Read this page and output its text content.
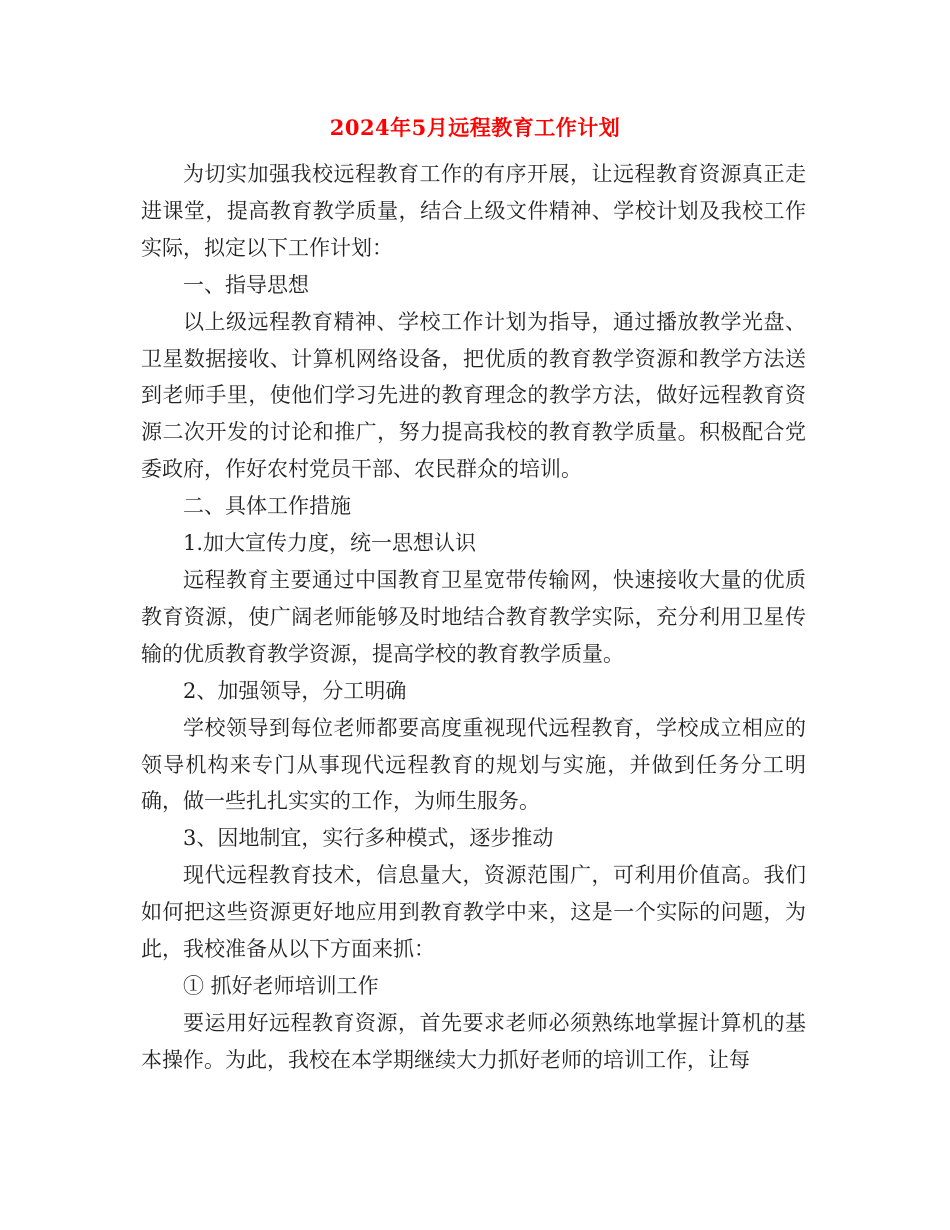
2024年5月远程教育工作计划

为切实加强我校远程教育工作的有序开展，让远程教育资源真正走进课堂，提高教育教学质量，结合上级文件精神、学校计划及我校工作实际，拟定以下工作计划：

一、指导思想

以上级远程教育精神、学校工作计划为指导，通过播放教学光盘、卫星数据接收、计算机网络设备，把优质的教育教学资源和教学方法送到老师手里，使他们学习先进的教育理念的教学方法，做好远程教育资源二次开发的讨论和推广，努力提高我校的教育教学质量。积极配合党委政府，作好农村党员干部、农民群众的培训。

二、具体工作措施

1.加大宣传力度，统一思想认识

远程教育主要通过中国教育卫星宽带传输网，快速接收大量的优质教育资源，使广阔老师能够及时地结合教育教学实际，充分利用卫星传输的优质教育教学资源，提高学校的教育教学质量。

2、加强领导，分工明确

学校领导到每位老师都要高度重视现代远程教育，学校成立相应的领导机构来专门从事现代远程教育的规划与实施，并做到任务分工明确，做一些扎扎实实的工作，为师生服务。

3、因地制宜，实行多种模式，逐步推动

现代远程教育技术，信息量大，资源范围广，可利用价值高。我们如何把这些资源更好地应用到教育教学中来，这是一个实际的问题，为此，我校准备从以下方面来抓：

① 抓好老师培训工作

要运用好远程教育资源，首先要求老师必须熟练地掌握计算机的基本操作。为此，我校在本学期继续大力抓好老师的培训工作，让每
